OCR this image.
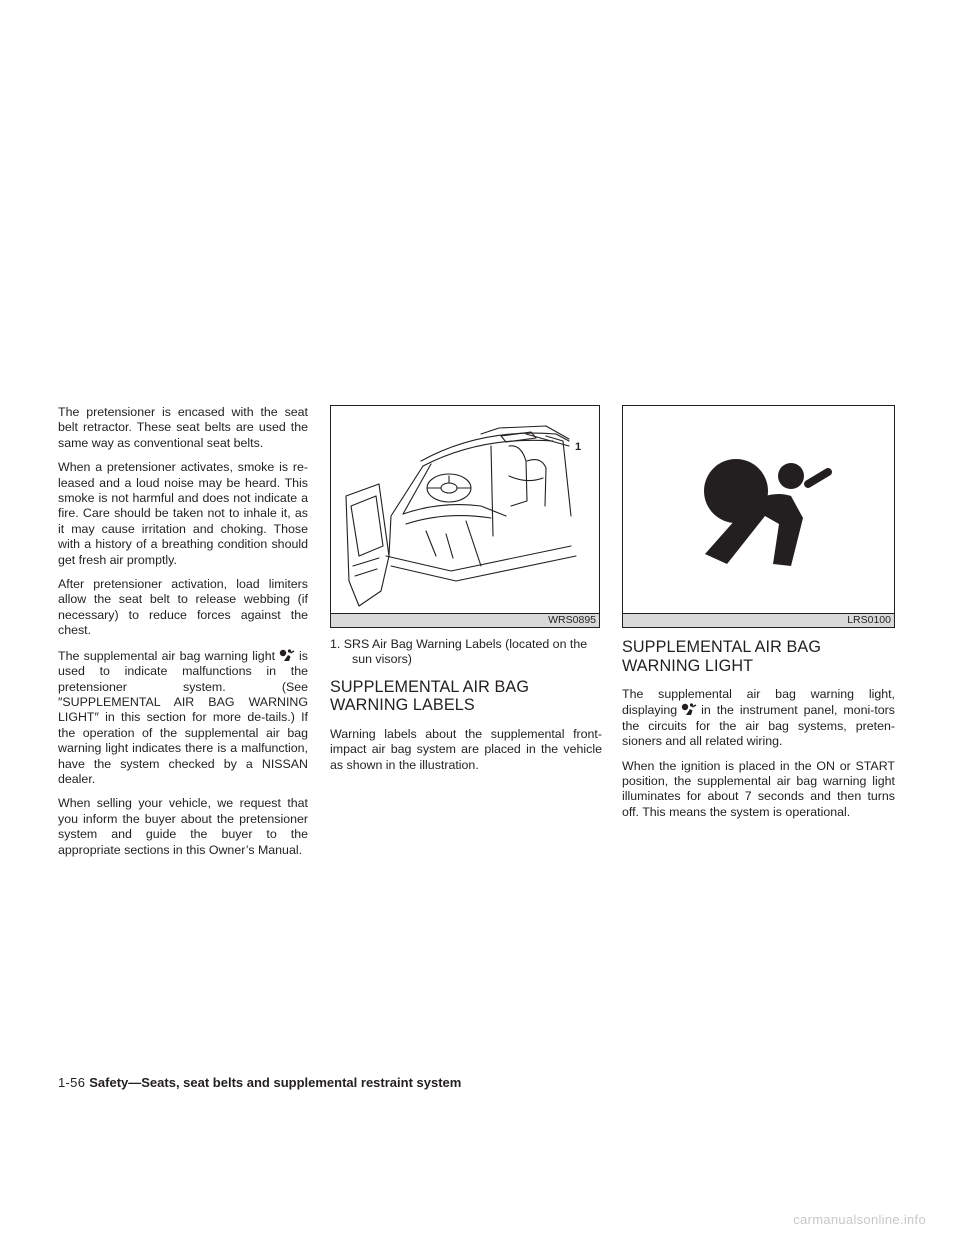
The pretensioner is encased with the seat belt retractor. These seat belts are used the same way as conventional seat belts.

When a pretensioner activates, smoke is re-leased and a loud noise may be heard. This smoke is not harmful and does not indicate a fire. Care should be taken not to inhale it, as it may cause irritation and choking. Those with a history of a breathing condition should get fresh air promptly.

After pretensioner activation, load limiters allow the seat belt to release webbing (if necessary) to reduce forces against the chest.

The supplemental air bag warning light is used to indicate malfunctions in the pretensioner system. (See ″SUPPLEMENTAL AIR BAG WARNING LIGHT″ in this section for more de-tails.) If the operation of the supplemental air bag warning light indicates there is a malfunction, have the system checked by a NISSAN dealer.

When selling your vehicle, we request that you inform the buyer about the pretensioner system and guide the buyer to the appropriate sections in this Owner’s Manual.

1
WRS0895
1. SRS Air Bag Warning Labels (located on the sun visors)
SUPPLEMENTAL AIR BAG WARNING LABELS

Warning labels about the supplemental front-impact air bag system are placed in the vehicle as shown in the illustration.

LRS0100
SUPPLEMENTAL AIR BAG WARNING LIGHT

The supplemental air bag warning light, displaying in the instrument panel, moni-tors the circuits for the air bag systems, preten-sioners and all related wiring.

When the ignition is placed in the ON or START position, the supplemental air bag warning light illuminates for about 7 seconds and then turns off. This means the system is operational.

1-56 Safety—Seats, seat belts and supplemental restraint system
carmanualsonline.info
